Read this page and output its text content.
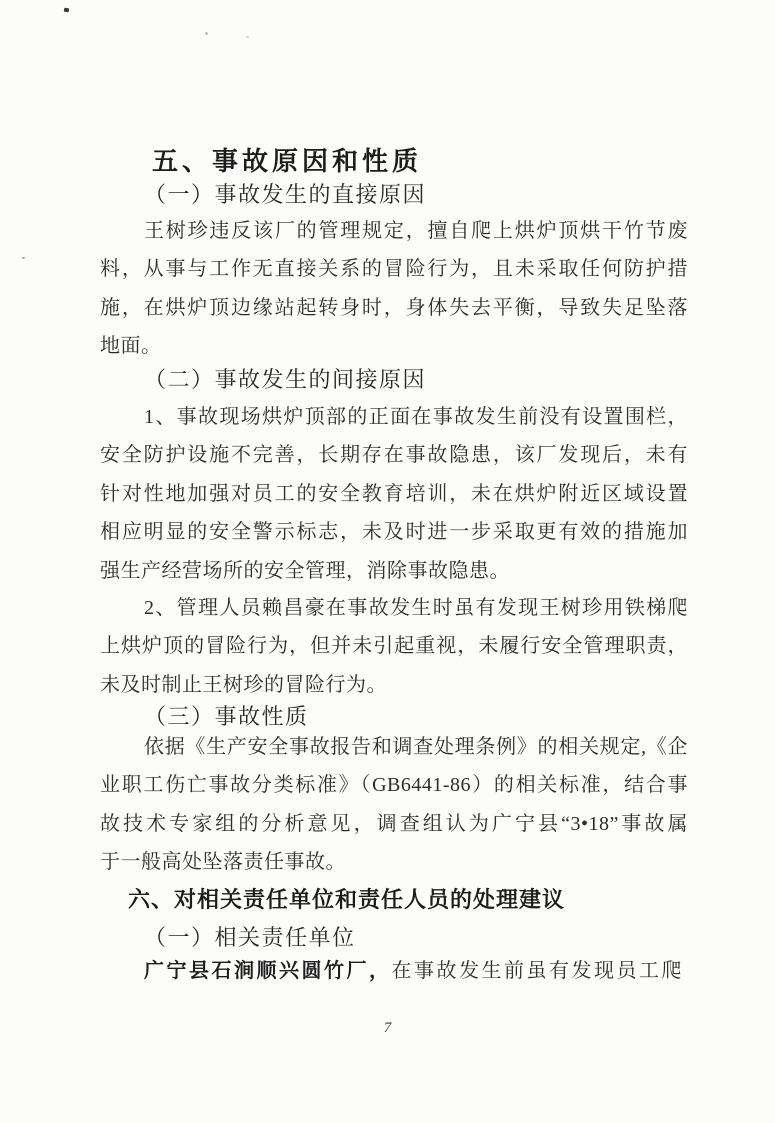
五、事故原因和性质
（一）事故发生的直接原因
王树珍违反该厂的管理规定，擅自爬上烘炉顶烘干竹节废
料，从事与工作无直接关系的冒险行为，且未采取任何防护措
施，在烘炉顶边缘站起转身时，身体失去平衡，导致失足坠落
地面。
（二）事故发生的间接原因
1、事故现场烘炉顶部的正面在事故发生前没有设置围栏，
安全防护设施不完善，长期存在事故隐患，该厂发现后，未有
针对性地加强对员工的安全教育培训，未在烘炉附近区域设置
相应明显的安全警示标志，未及时进一步采取更有效的措施加
强生产经营场所的安全管理，消除事故隐患。
2、管理人员赖昌豪在事故发生时虽有发现王树珍用铁梯爬
上烘炉顶的冒险行为，但并未引起重视，未履行安全管理职责，
未及时制止王树珍的冒险行为。
（三）事故性质
依据《生产安全事故报告和调查处理条例》的相关规定,《企
业职工伤亡事故分类标准》（GB6441-86）的相关标准，结合事
故技术专家组的分析意见，调查组认为广宁县“3•18”事故属
于一般高处坠落责任事故。
六、对相关责任单位和责任人员的处理建议
（一）相关责任单位
广宁县石涧顺兴圆竹厂，在事故发生前虽有发现员工爬
7
